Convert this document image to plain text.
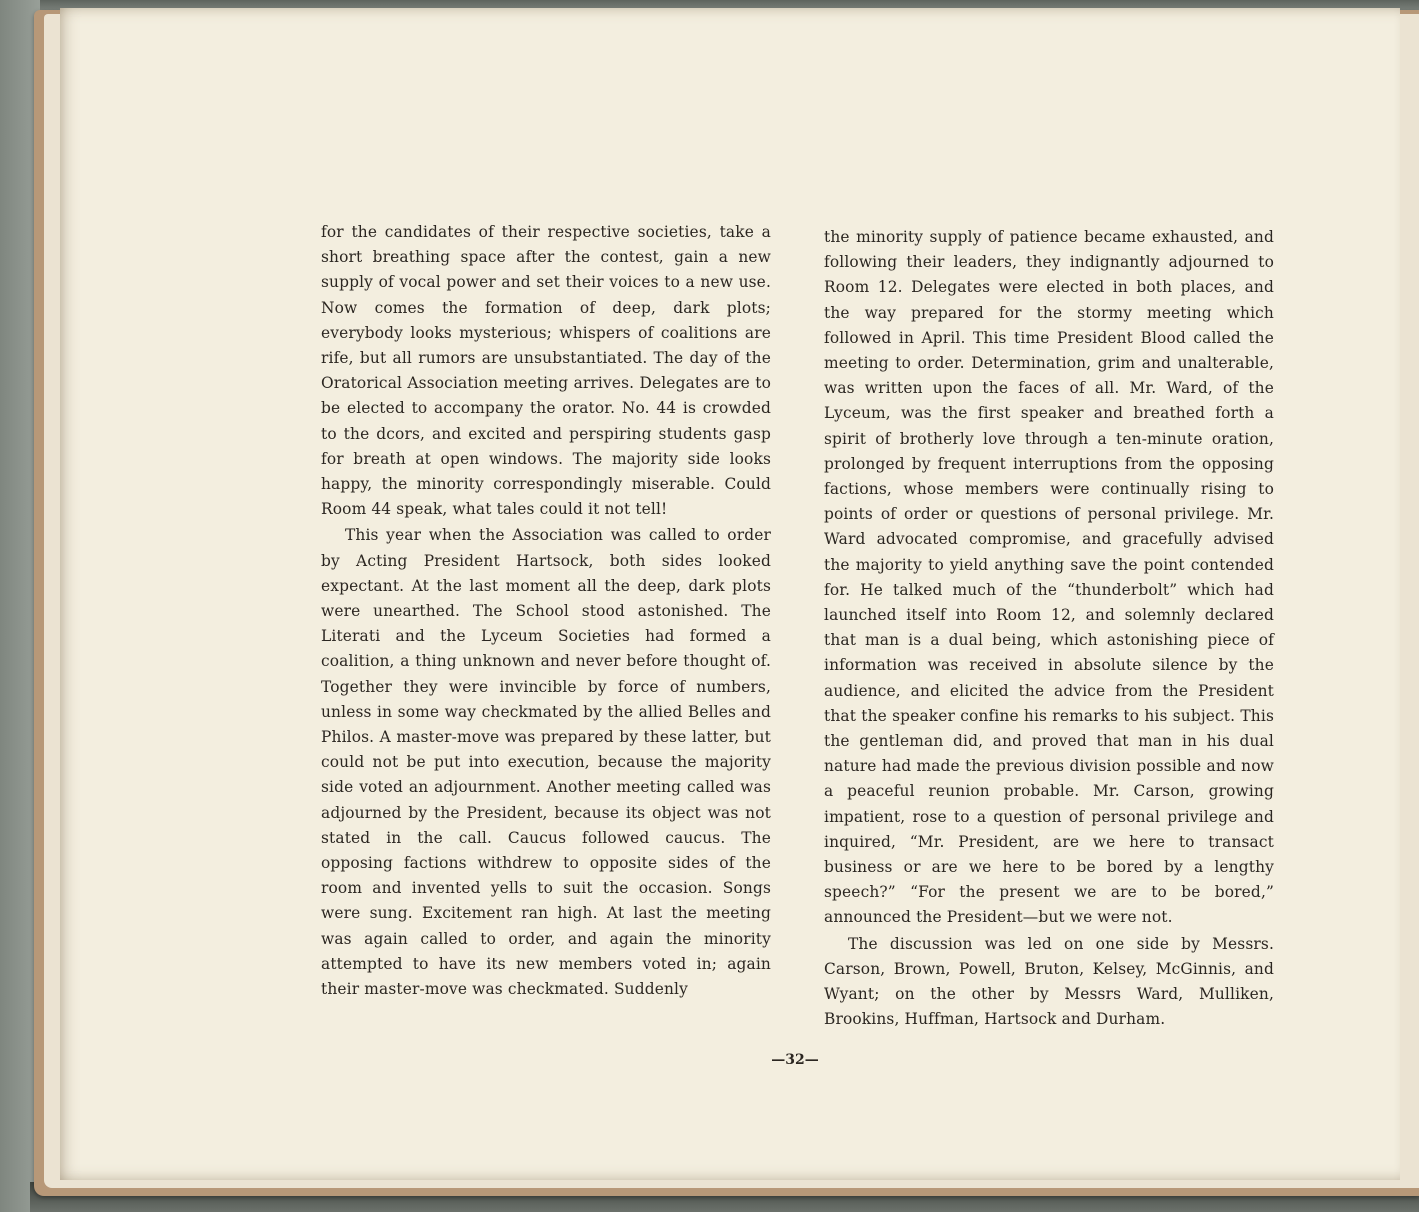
for the candidates of their respective societies, take a short breathing space after the contest, gain a new supply of vocal power and set their voices to a new use. Now comes the formation of deep, dark plots; everybody looks mysterious; whispers of coalitions are rife, but all rumors are unsubstantiated. The day of the Oratorical Association meeting arrives. Delegates are to be elected to accompany the orator. No. 44 is crowded to the dcors, and excited and perspiring students gasp for breath at open windows. The majority side looks happy, the minority correspondingly miserable. Could Room 44 speak, what tales could it not tell!

This year when the Association was called to order by Acting President Hartsock, both sides looked expectant. At the last moment all the deep, dark plots were unearthed. The School stood astonished. The Literati and the Lyceum Societies had formed a coalition, a thing unknown and never before thought of. Together they were invincible by force of numbers, unless in some way checkmated by the allied Belles and Philos. A master-move was prepared by these latter, but could not be put into execution, because the majority side voted an adjournment. Another meeting called was adjourned by the President, because its object was not stated in the call. Caucus followed caucus. The opposing factions withdrew to opposite sides of the room and invented yells to suit the occasion. Songs were sung. Excitement ran high. At last the meeting was again called to order, and again the minority attempted to have its new members voted in; again their master-move was checkmated. Suddenly

the minority supply of patience became exhausted, and following their leaders, they indignantly adjourned to Room 12. Delegates were elected in both places, and the way prepared for the stormy meeting which followed in April. This time President Blood called the meeting to order. Determination, grim and unalterable, was written upon the faces of all. Mr. Ward, of the Lyceum, was the first speaker and breathed forth a spirit of brotherly love through a ten-minute oration, prolonged by frequent interruptions from the opposing factions, whose members were continually rising to points of order or questions of personal privilege. Mr. Ward advocated compromise, and gracefully advised the majority to yield anything save the point contended for. He talked much of the “thunderbolt” which had launched itself into Room 12, and solemnly declared that man is a dual being, which astonishing piece of information was received in absolute silence by the audience, and elicited the advice from the President that the speaker confine his remarks to his subject. This the gentleman did, and proved that man in his dual nature had made the previous division possible and now a peaceful reunion probable. Mr. Carson, growing impatient, rose to a question of personal privilege and inquired, “Mr. President, are we here to transact business or are we here to be bored by a lengthy speech?” “For the present we are to be bored,” announced the President—but we were not.

The discussion was led on one side by Messrs. Carson, Brown, Powell, Bruton, Kelsey, McGinnis, and Wyant; on the other by Messrs Ward, Mulliken, Brookins, Huffman, Hartsock and Durham.

—32—
